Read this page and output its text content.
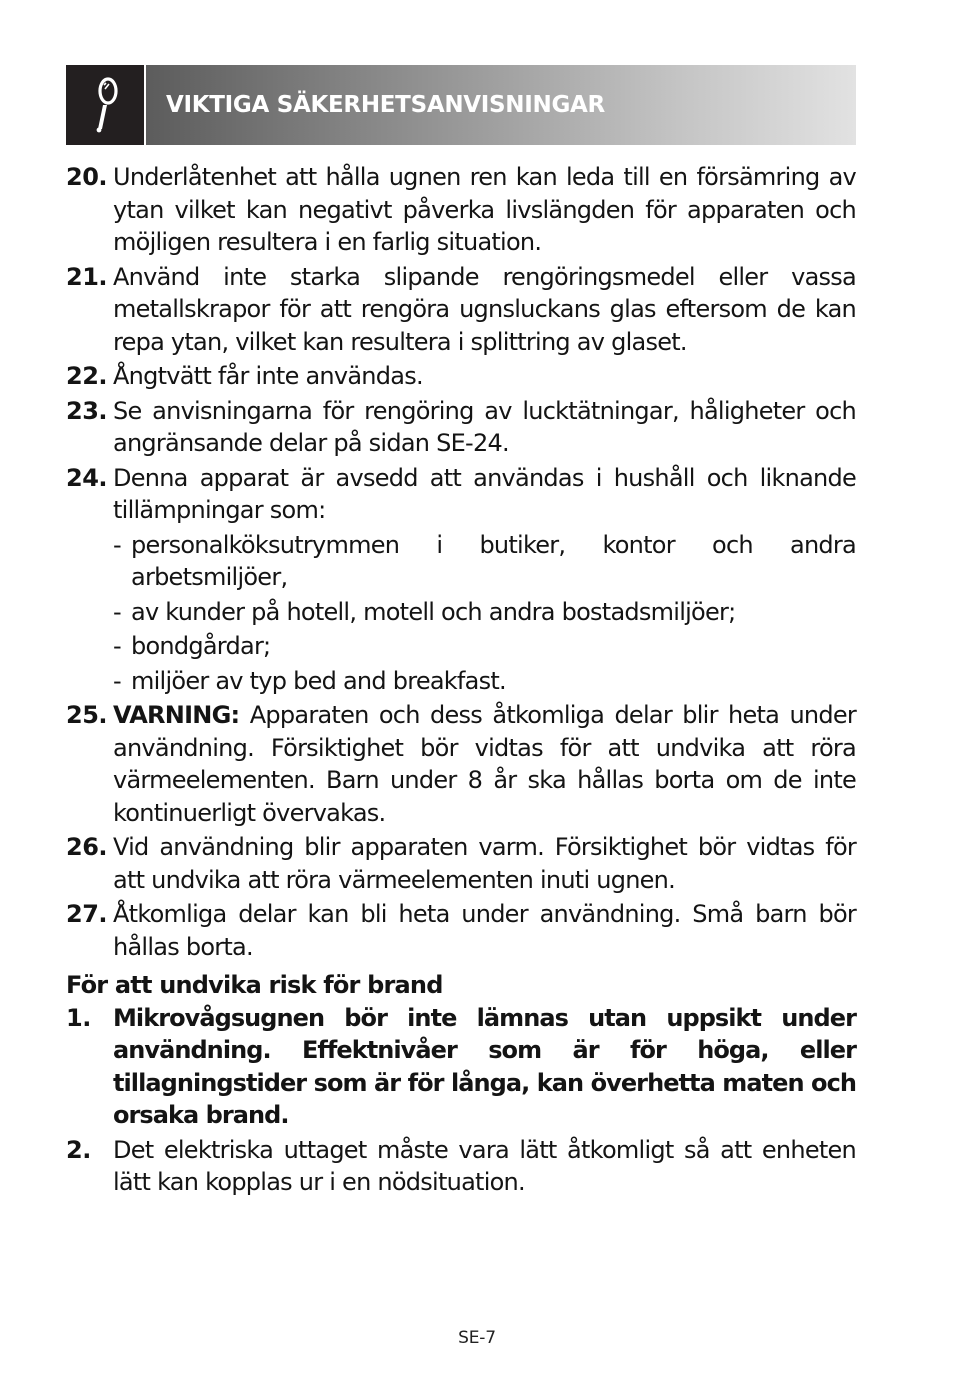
VIKTIGA SÄKERHETSANVISNINGAR
20. Underlåtenhet att hålla ugnen ren kan leda till en försämring av ytan vilket kan negativt påverka livslängden för apparaten och möjligen resultera i en farlig situation.
21. Använd inte starka slipande rengöringsmedel eller vassa metallskrapor för att rengöra ugnsluckans glas eftersom de kan repa ytan, vilket kan resultera i splittring av glaset.
22. Ångtvätt får inte användas.
23. Se anvisningarna för rengöring av lucktätningar, håligheter och angränsande delar på sidan SE-24.
24. Denna apparat är avsedd att användas i hushåll och liknande tillämpningar som:
- personalköksutrymmen i butiker, kontor och andra arbetsmiljöer,
- av kunder på hotell, motell och andra bostadsmiljöer;
- bondgårdar;
- miljöer av typ bed and breakfast.
25. VARNING: Apparaten och dess åtkomliga delar blir heta under användning. Försiktighet bör vidtas för att undvika att röra värmeelementen. Barn under 8 år ska hållas borta om de inte kontinuerligt övervakas.
26. Vid användning blir apparaten varm. Försiktighet bör vidtas för att undvika att röra värmeelementen inuti ugnen.
27. Åtkomliga delar kan bli heta under användning. Små barn bör hållas borta.
För att undvika risk för brand
1. Mikrovågsugnen bör inte lämnas utan uppsikt under användning. Effektnivåer som är för höga, eller tillagningstider som är för långa, kan överhetta maten och orsaka brand.
2. Det elektriska uttaget måste vara lätt åtkomligt så att enheten lätt kan kopplas ur i en nödsituation.
SE-7
